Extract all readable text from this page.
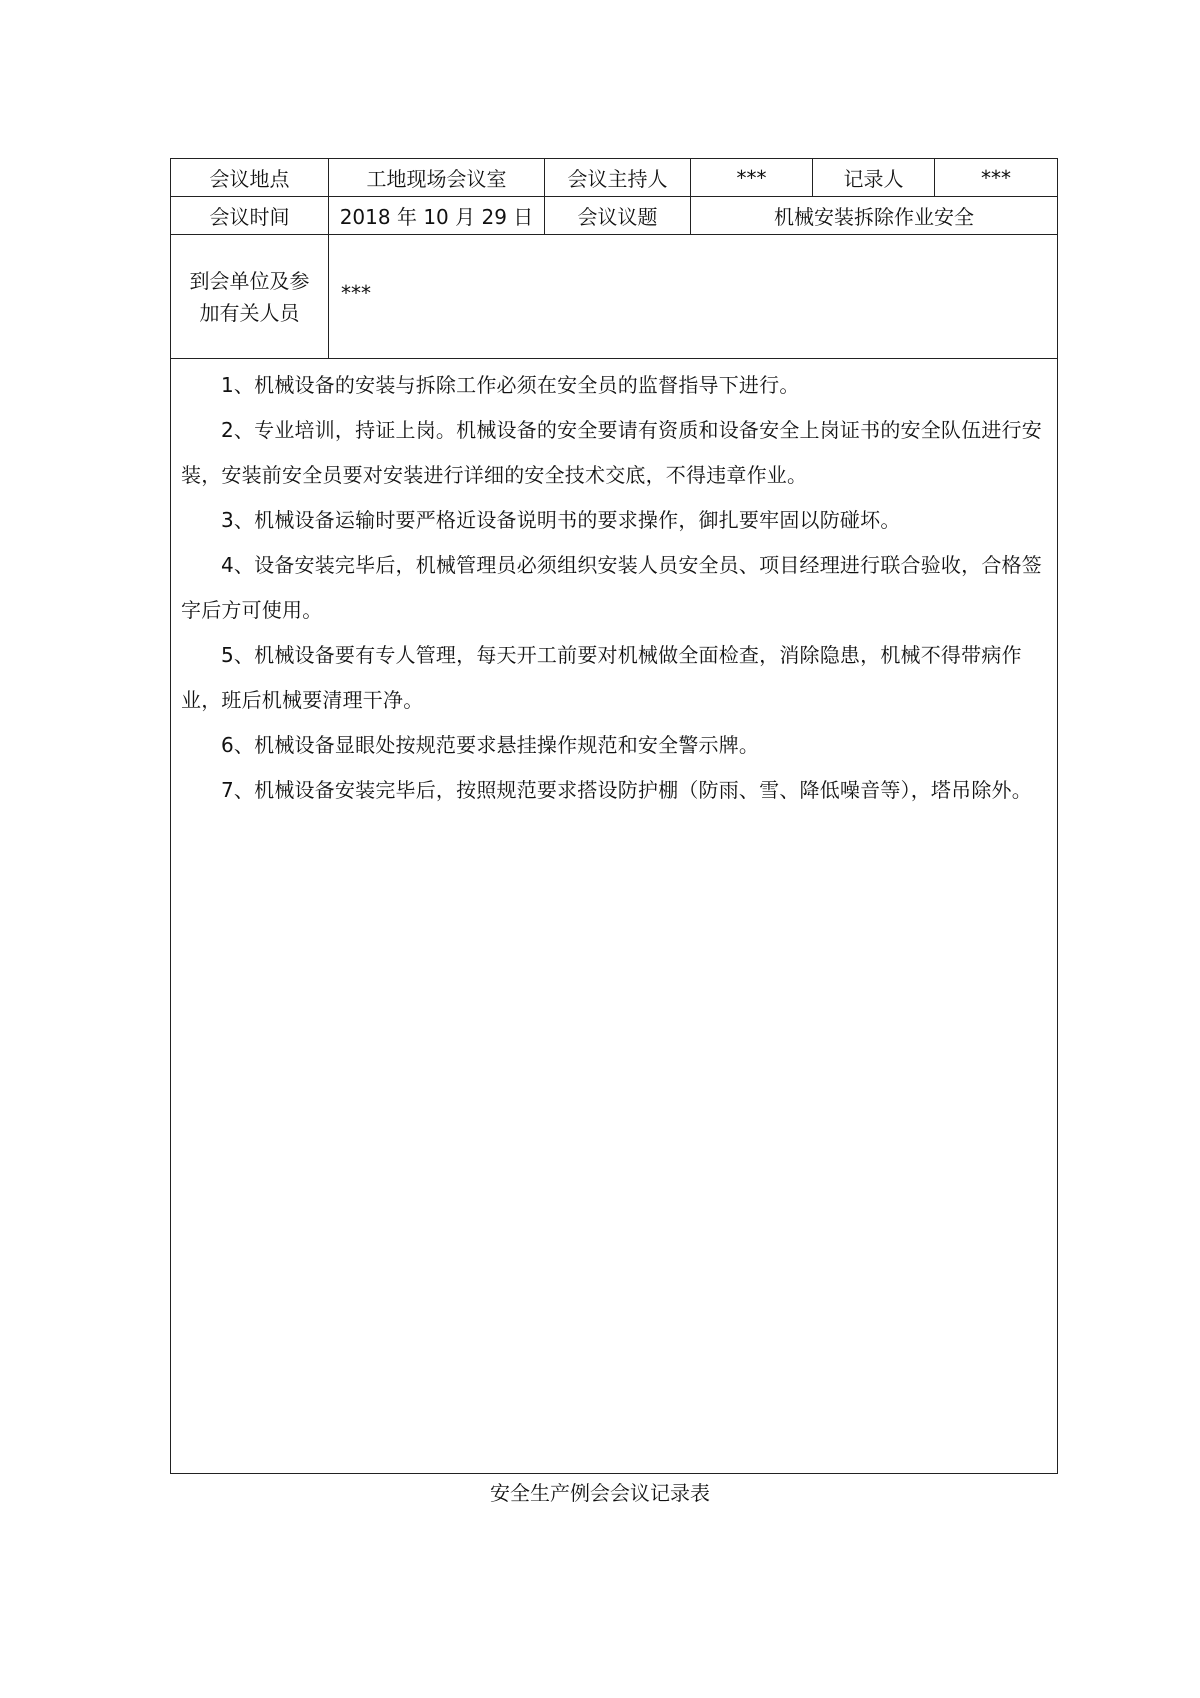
会议地点	工地现场会议室	会议主持人	***	记录人	***
会议时间	2018 年 10 月 29 日	会议议题	机械安装拆除作业安全
到会单位及参
加有关人员
***

1、机械设备的安装与拆除工作必须在安全员的监督指导下进行。

2、专业培训，持证上岗。机械设备的安全要请有资质和设备安全上岗证书的安全队伍进行安装，安装前安全员要对安装进行详细的安全技术交底，不得违章作业。

3、机械设备运输时要严格近设备说明书的要求操作，御扎要牢固以防碰坏。

4、设备安装完毕后，机械管理员必须组织安装人员安全员、项目经理进行联合验收，合格签字后方可使用。

5、机械设备要有专人管理，每天开工前要对机械做全面检查，消除隐患，机械不得带病作业，班后机械要清理干净。

6、机械设备显眼处按规范要求悬挂操作规范和安全警示牌。

7、机械设备安装完毕后，按照规范要求搭设防护棚（防雨、雪、降低噪音等），塔吊除外。

安全生产例会会议记录表
